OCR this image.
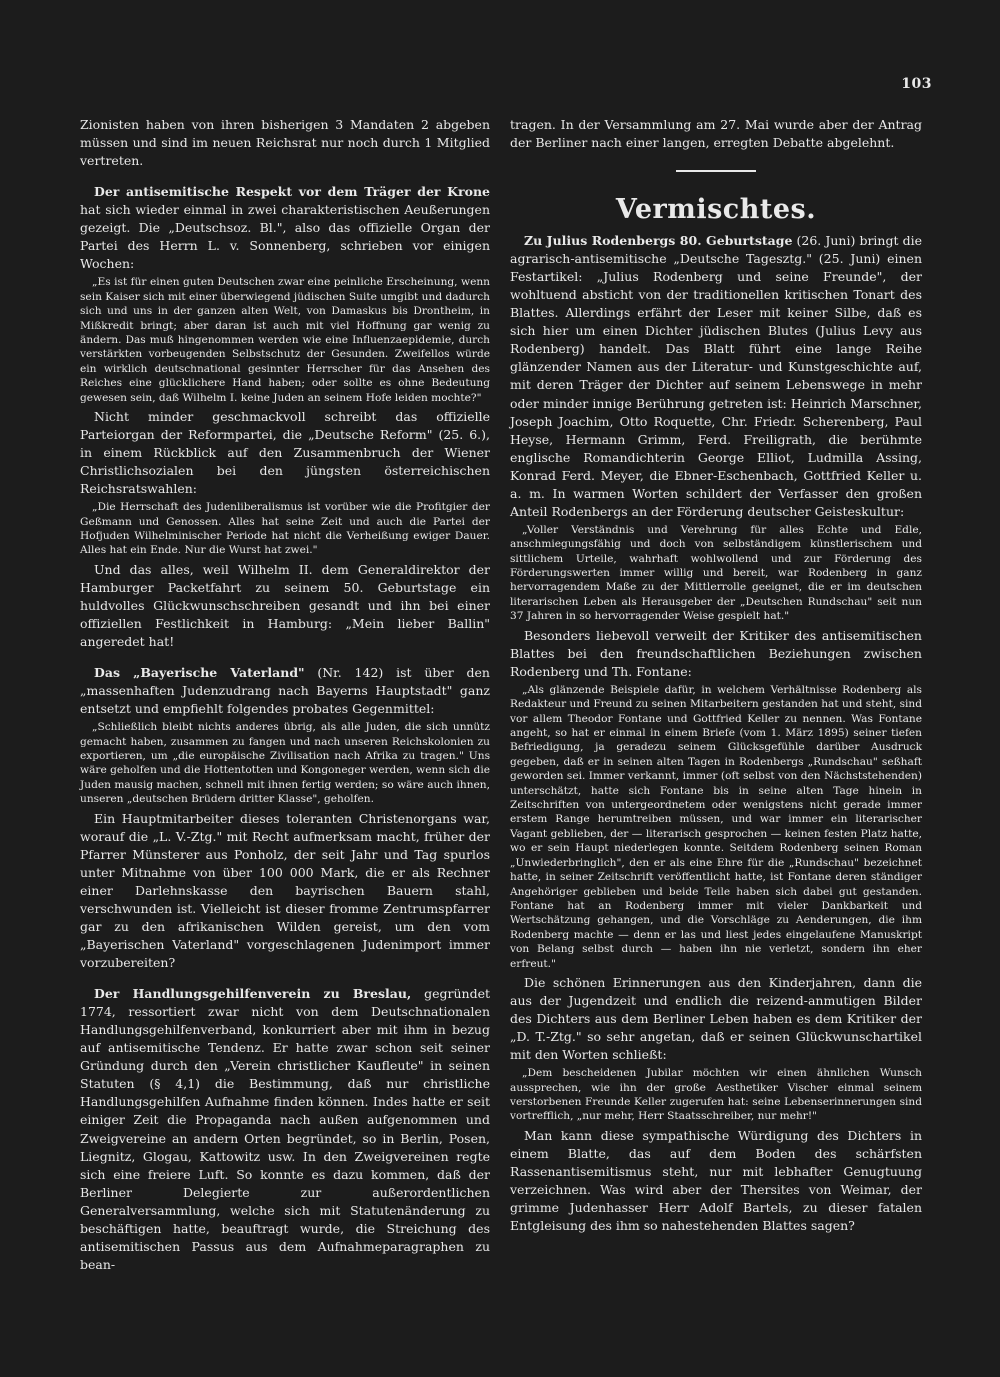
103

Zionisten haben von ihren bisherigen 3 Mandaten 2 abgeben müssen und sind im neuen Reichsrat nur noch durch 1 Mitglied vertreten.

Der antisemitische Respekt vor dem Träger der Krone hat sich wieder einmal in zwei charakteristischen Aeußerungen gezeigt. Die „Deutschsoz. Bl.", also das offizielle Organ der Partei des Herrn L. v. Sonnenberg, schrieben vor einigen Wochen:

„Es ist für einen guten Deutschen zwar eine peinliche Erscheinung, wenn sein Kaiser sich mit einer überwiegend jüdischen Suite umgibt und dadurch sich und uns in der ganzen alten Welt, von Damaskus bis Drontheim, in Mißkredit bringt; aber daran ist auch mit viel Hoffnung gar wenig zu ändern. Das muß hingenommen werden wie eine Influenzaepidemie, durch verstärkten vorbeugenden Selbstschutz der Gesunden. Zweifellos würde ein wirklich deutschnational gesinnter Herrscher für das Ansehen des Reiches eine glücklichere Hand haben; oder sollte es ohne Bedeutung gewesen sein, daß Wilhelm I. keine Juden an seinem Hofe leiden mochte?"

Nicht minder geschmackvoll schreibt das offizielle Parteiorgan der Reformpartei, die „Deutsche Reform" (25. 6.), in einem Rückblick auf den Zusammenbruch der Wiener Christlichsozialen bei den jüngsten österreichischen Reichsratswahlen:

„Die Herrschaft des Judenliberalismus ist vorüber wie die Profitgier der Geßmann und Genossen. Alles hat seine Zeit und auch die Partei der Hofjuden Wilhelminischer Periode hat nicht die Verheißung ewiger Dauer. Alles hat ein Ende. Nur die Wurst hat zwei."

Und das alles, weil Wilhelm II. dem Generaldirektor der Hamburger Packetfahrt zu seinem 50. Geburtstage ein huldvolles Glückwunschschreiben gesandt und ihn bei einer offiziellen Festlichkeit in Hamburg: „Mein lieber Ballin" angeredet hat!

Das „Bayerische Vaterland" (Nr. 142) ist über den „massenhaften Judenzudrang nach Bayerns Hauptstadt" ganz entsetzt und empfiehlt folgendes probates Gegenmittel:

„Schließlich bleibt nichts anderes übrig, als alle Juden, die sich unnütz gemacht haben, zusammen zu fangen und nach unseren Reichskolonien zu exportieren, um „die europäische Zivilisation nach Afrika zu tragen." Uns wäre geholfen und die Hottentotten und Kongoneger werden, wenn sich die Juden mausig machen, schnell mit ihnen fertig werden; so wäre auch ihnen, unseren „deutschen Brüdern dritter Klasse", geholfen.

Ein Hauptmitarbeiter dieses toleranten Christenorgans war, worauf die „L. V.-Ztg." mit Recht aufmerksam macht, früher der Pfarrer Münsterer aus Ponholz, der seit Jahr und Tag spurlos unter Mitnahme von über 100 000 Mark, die er als Rechner einer Darlehnskasse den bayrischen Bauern stahl, verschwunden ist. Vielleicht ist dieser fromme Zentrumspfarrer gar zu den afrikanischen Wilden gereist, um den vom „Bayerischen Vaterland" vorgeschlagenen Judenimport immer vorzubereiten?

Der Handlungsgehilfenverein zu Breslau, gegründet 1774, ressortiert zwar nicht von dem Deutschnationalen Handlungsgehilfenverband, konkurriert aber mit ihm in bezug auf antisemitische Tendenz. Er hatte zwar schon seit seiner Gründung durch den „Verein christlicher Kaufleute" in seinen Statuten (§ 4,1) die Bestimmung, daß nur christliche Handlungsgehilfen Aufnahme finden können. Indes hatte er seit einiger Zeit die Propaganda nach außen aufgenommen und Zweigvereine an andern Orten begründet, so in Berlin, Posen, Liegnitz, Glogau, Kattowitz usw. In den Zweigvereinen regte sich eine freiere Luft. So konnte es dazu kommen, daß der Berliner Delegierte zur außerordentlichen Generalversammlung, welche sich mit Statutenänderung zu beschäftigen hatte, beauftragt wurde, die Streichung des antisemitischen Passus aus dem Aufnahmeparagraphen zu bean-

tragen. In der Versammlung am 27. Mai wurde aber der Antrag der Berliner nach einer langen, erregten Debatte abgelehnt.

Vermischtes.

Zu Julius Rodenbergs 80. Geburtstage (26. Juni) bringt die agrarisch-antisemitische „Deutsche Tagesztg." (25. Juni) einen Festartikel: „Julius Rodenberg und seine Freunde", der wohltuend absticht von der traditionellen kritischen Tonart des Blattes. Allerdings erfährt der Leser mit keiner Silbe, daß es sich hier um einen Dichter jüdischen Blutes (Julius Levy aus Rodenberg) handelt. Das Blatt führt eine lange Reihe glänzender Namen aus der Literatur- und Kunstgeschichte auf, mit deren Träger der Dichter auf seinem Lebenswege in mehr oder minder innige Berührung getreten ist: Heinrich Marschner, Joseph Joachim, Otto Roquette, Chr. Friedr. Scherenberg, Paul Heyse, Hermann Grimm, Ferd. Freiligrath, die berühmte englische Romandichterin George Elliot, Ludmilla Assing, Konrad Ferd. Meyer, die Ebner-Eschenbach, Gottfried Keller u. a. m. In warmen Worten schildert der Verfasser den großen Anteil Rodenbergs an der Förderung deutscher Geisteskultur:

„Voller Verständnis und Verehrung für alles Echte und Edle, anschmiegungsfähig und doch von selbständigem künstlerischem und sittlichem Urteile, wahrhaft wohlwollend und zur Förderung des Förderungswerten immer willig und bereit, war Rodenberg in ganz hervorragendem Maße zu der Mittlerrolle geeignet, die er im deutschen literarischen Leben als Herausgeber der „Deutschen Rundschau" seit nun 37 Jahren in so hervorragender Weise gespielt hat."

Besonders liebevoll verweilt der Kritiker des antisemitischen Blattes bei den freundschaftlichen Beziehungen zwischen Rodenberg und Th. Fontane:

„Als glänzende Beispiele dafür, in welchem Verhältnisse Rodenberg als Redakteur und Freund zu seinen Mitarbeitern gestanden hat und steht, sind vor allem Theodor Fontane und Gottfried Keller zu nennen. Was Fontane angeht, so hat er einmal in einem Briefe (vom 1. März 1895) seiner tiefen Befriedigung, ja geradezu seinem Glücksgefühle darüber Ausdruck gegeben, daß er in seinen alten Tagen in Rodenbergs „Rundschau" seßhaft geworden sei. Immer verkannt, immer (oft selbst von den Nächststehenden) unterschätzt, hatte sich Fontane bis in seine alten Tage hinein in Zeitschriften von untergeordnetem oder wenigstens nicht gerade immer erstem Range herumtreiben müssen, und war immer ein literarischer Vagant geblieben, der — literarisch gesprochen — keinen festen Platz hatte, wo er sein Haupt niederlegen konnte. Seitdem Rodenberg seinen Roman „Unwiederbringlich", den er als eine Ehre für die „Rundschau" bezeichnet hatte, in seiner Zeitschrift veröffentlicht hatte, ist Fontane deren ständiger Angehöriger geblieben und beide Teile haben sich dabei gut gestanden. Fontane hat an Rodenberg immer mit vieler Dankbarkeit und Wertschätzung gehangen, und die Vorschläge zu Aenderungen, die ihm Rodenberg machte — denn er las und liest jedes eingelaufene Manuskript von Belang selbst durch — haben ihn nie verletzt, sondern ihn eher erfreut."

Die schönen Erinnerungen aus den Kinderjahren, dann die aus der Jugendzeit und endlich die reizend-anmutigen Bilder des Dichters aus dem Berliner Leben haben es dem Kritiker der „D. T.-Ztg." so sehr angetan, daß er seinen Glückwunschartikel mit den Worten schließt:

„Dem bescheidenen Jubilar möchten wir einen ähnlichen Wunsch aussprechen, wie ihn der große Aesthetiker Vischer einmal seinem verstorbenen Freunde Keller zugerufen hat: seine Lebenserinnerungen sind vortrefflich, „nur mehr, Herr Staatsschreiber, nur mehr!"

Man kann diese sympathische Würdigung des Dichters in einem Blatte, das auf dem Boden des schärfsten Rassenantisemitismus steht, nur mit lebhafter Genugtuung verzeichnen. Was wird aber der Thersites von Weimar, der grimme Judenhasser Herr Adolf Bartels, zu dieser fatalen Entgleisung des ihm so nahestehenden Blattes sagen?
